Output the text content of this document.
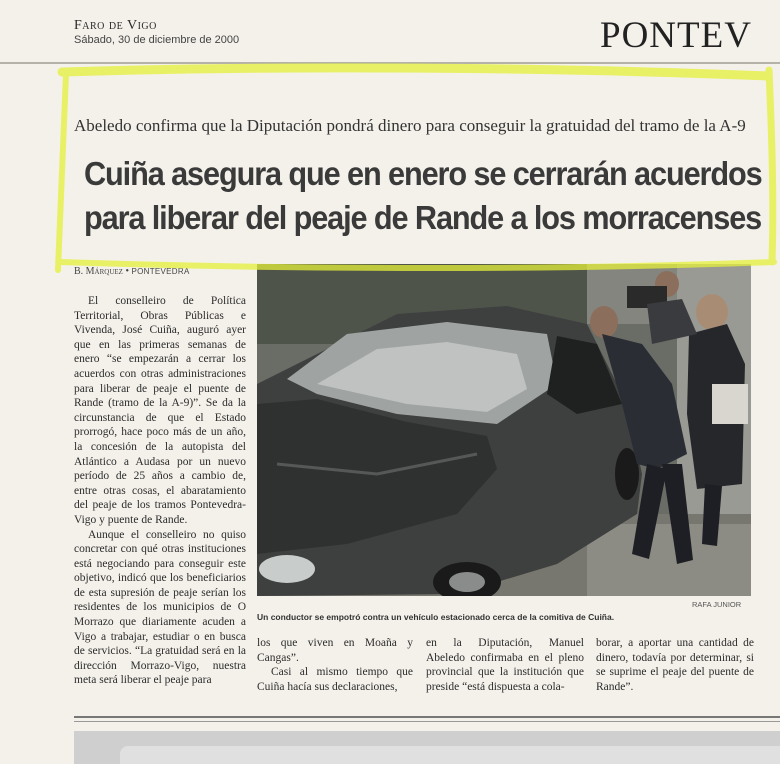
Faro de Vigo
Sábado, 30 de diciembre de 2000	PONTEV
Abeledo confirma que la Diputación pondrá dinero para conseguir la gratuidad del tramo de la A-9
Cuiña asegura que en enero se cerrarán acuerdos
para liberar del peaje de Rande a los morracenses
B. Márquez • PONTEVEDRA

El conselleiro de Política Territorial, Obras Públicas e Vivenda, José Cuiña, auguró ayer que en las primeras semanas de enero “se empezarán a cerrar los acuerdos con otras administraciones para liberar de peaje el puente de Rande (tramo de la A-9)”. Se da la circunstancia de que el Estado prorrogó, hace poco más de un año, la concesión de la autopista del Atlántico a Audasa por un nuevo período de 25 años a cambio de, entre otras cosas, el abaratamiento del peaje de los tramos Pontevedra-Vigo y puente de Rande.

Aunque el conselleiro no quiso concretar con qué otras instituciones está negociando para conseguir este objetivo, indicó que los beneficiarios de esta supresión de peaje serían los residentes de los municipios de O Morrazo que diariamente acuden a Vigo a trabajar, estudiar o en busca de servicios. “La gratuidad será en la dirección Morrazo-Vigo, nuestra meta será liberar el peaje para

RAFA JUNIOR
Un conductor se empotró contra un vehículo estacionado cerca de la comitiva de Cuiña.

los que viven en Moaña y Cangas”.

Casi al mismo tiempo que Cuiña hacía sus declaraciones,

en la Diputación, Manuel Abeledo confirmaba en el pleno provincial que la institución que preside “está dispuesta a cola-

borar, a aportar una cantidad de dinero, todavía por determinar, si se suprime el peaje del puente de Rande”.
